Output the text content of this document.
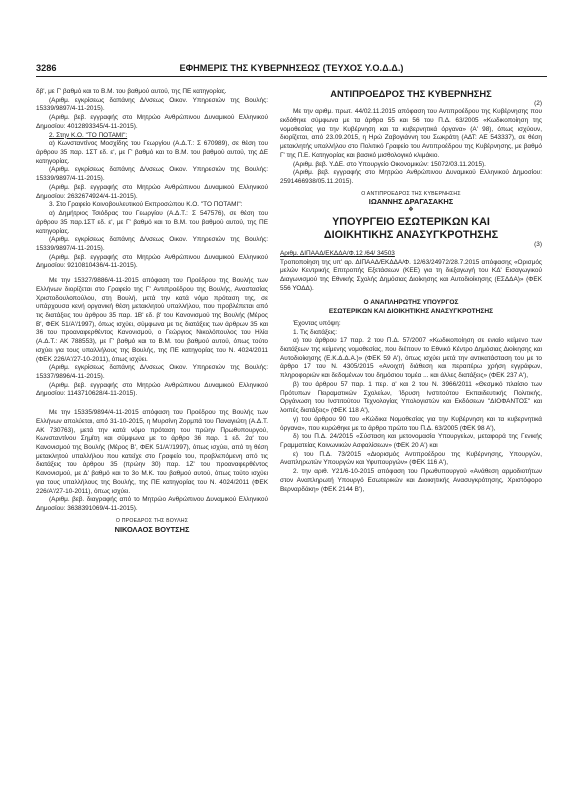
3286	ΕΦΗΜΕΡΙΣ ΤΗΣ ΚΥΒΕΡΝΗΣΕΩΣ (ΤΕΥΧΟΣ Υ.Ο.Δ.Δ.)

δβ', με Γ' βαθμό και το Β.Μ. του βαθμού αυτού, της ΠΕ κατηγορίας.

(Αριθμ. εγκρίσεως δαπάνης Δ/νσεως Οικον. Υπηρεσιών της Βουλής: 15339/9897/4-11-2015).

(Αριθμ. βεβ. εγγραφής στο Μητρώο Ανθρώπινου Δυναμικού Ελληνικού Δημοσίου: 4012893345/4-11-2015).

2. Στην Κ.Ο. "ΤΟ ΠΟΤΑΜΙ":

α) Κωνσταντίνος Μοσχίδης του Γεωργίου (Α.Δ.Τ.: Σ 670989), σε θέση του άρθρου 35 παρ. 1ΣΤ εδ. ε', με Γ' βαθμό και το Β.Μ. του βαθμού αυτού, της ΔΕ κατηγορίας.

(Αριθμ. εγκρίσεως δαπάνης Δ/νσεως Οικον. Υπηρεσιών της Βουλής: 15339/9897/4-11-2015).

(Αριθμ. βεβ. εγγραφής στο Μητρώο Ανθρώπινου Δυναμικού Ελληνικού Δημοσίου: 2632674924/4-11-2015).

3. Στο Γραφείο Κοινοβουλευτικού Εκπροσώπου Κ.Ο. "ΤΟ ΠΟΤΑΜΙ":

α) Δημήτριος Τσιόδρας του Γεωργίου (Α.Δ.Τ.: Σ 547576), σε θέση του άρθρου 35 παρ.1ΣΤ εδ. ε', με Γ' βαθμό και το Β.Μ. του βαθμού αυτού, της ΠΕ κατηγορίας.

(Αριθμ. εγκρίσεως δαπάνης Δ/νσεως Οικον. Υπηρεσιών της Βουλής: 15339/9897/4-11-2015).

(Αριθμ. βεβ. εγγραφής στο Μητρώο Ανθρώπινου Δυναμικού Ελληνικού Δημοσίου: 9210810436/4-11-2015).

Με την 15327/9886/4-11-2015 απόφαση του Προέδρου της Βουλής των Ελλήνων διορίζεται στο Γραφείο της Γ' Αντιπροέδρου της Βουλής, Αναστασίας Χριστοδουλοπούλου, στη Βουλή, μετά την κατά νόμο πρόταση της, σε υπάρχουσα κενή οργανική θέση μετακλητού υπαλλήλου, που προβλέπεται από τις διατάξεις του άρθρου 35 παρ. 1Β' εδ. β' του Κανονισμού της Βουλής (Μέρος Β', ΦΕΚ 51/Α'/1997), όπως ισχύει, σύμφωνα με τις διατάξεις των άρθρων 35 και 36 του προαναφερθέντος Κανονισμού, ο Γεώργιος Νικολόπουλος του Ηλία (Α.Δ.Τ.: ΑΚ 788553), με Γ' βαθμό και το Β.Μ. του βαθμού αυτού, όπως τούτο ισχύει για τους υπαλλήλους της Βουλής, της ΠΕ κατηγορίας του Ν. 4024/2011 (ΦΕΚ 226/Α'/27-10-2011), όπως ισχύει.

(Αριθμ. εγκρίσεως δαπάνης Δ/νσεως Οικον. Υπηρεσιών της Βουλής: 15337/9896/4-11-2015).

(Αριθμ. βεβ. εγγραφής στο Μητρώο Ανθρώπινου Δυναμικού Ελληνικού Δημοσίου: 1143710628/4-11-2015).

Με την 15335/9894/4-11-2015 απόφαση του Προέδρου της Βουλής των Ελλήνων απολύεται, από 31-10-2015, η Μυρσίνη Ζορμπά του Παναγιώτη (Α.Δ.Τ. ΑΚ 730763), μετά την κατά νόμο πρόταση του πρώην Πρωθυπουργού, Κωνσταντίνου Σημίτη και σύμφωνα με το άρθρο 36 παρ. 1 εδ. 2α' του Κανονισμού της Βουλής (Μέρος Β', ΦΕΚ 51/Α'/1997), όπως ισχύει, από τη θέση μετακλητού υπαλλήλου που κατείχε στο Γραφείο του, προβλεπόμενη από τις διατάξεις του άρθρου 35 (πρώην 30) παρ. 1Ζ' του προαναφερθέντος Κανονισμού, με Δ' βαθμό και το 3ο Μ.Κ. του βαθμού αυτού, όπως τούτο ισχύει για τους υπαλλήλους της Βουλής, της ΠΕ κατηγορίας του Ν. 4024/2011 (ΦΕΚ 226/Α'/27-10-2011), όπως ισχύει.

(Αριθμ. βεβ. διαγραφής από το Μητρώο Ανθρώπινου Δυναμικού Ελληνικού Δημοσίου: 3638391069/4-11-2015).

Ο ΠΡΟΕΔΡΟΣ ΤΗΣ ΒΟΥΛΗΣ

ΝΙΚΟΛΑΟΣ ΒΟΥΤΣΗΣ

ΑΝΤΙΠΡΟΕΔΡΟΣ ΤΗΣ ΚΥΒΕΡΝΗΣΗΣ

(2)

Με την αριθμ. πρωτ. 44/02.11.2015 απόφαση του Αντιπροέδρου της Κυβέρνησης που εκδόθηκε σύμφωνα με τα άρθρα 55 και 56 του Π.Δ. 63/2005 «Κωδικοποίηση της νομοθεσίας για την Κυβέρνηση και τα κυβερνητικά όργανα» (Α' 98), όπως ισχύουν, διορίζεται, από 23.09.2015, η Ηρώ Ζαβογιάννη του Σωκράτη (ΑΔΤ: ΑΕ 543337), σε θέση μετακλητής υπαλλήλου στο Πολιτικό Γραφείο του Αντιπροέδρου της Κυβέρνησης, με βαθμό Γ' της Π.Ε. Κατηγορίας και βασικό μισθολογικό κλιμάκιο.

(Αριθμ. βεβ. Υ.ΔΕ. στο Υπουργείο Οικονομικών: 15072/03.11.2015).

(Αριθμ. βεβ. εγγραφής στο Μητρώο Ανθρώπινου Δυναμικού Ελληνικού Δημοσίου: 2591466938/05.11.2015).

Ο ΑΝΤΙΠΡΟΕΔΡΟΣ ΤΗΣ ΚΥΒΕΡΝΗΣΗΣ

ΙΩΑΝΝΗΣ ΔΡΑΓΑΣΑΚΗΣ

❖

ΥΠΟΥΡΓΕΙΟ ΕΣΩΤΕΡΙΚΩΝ ΚΑΙ

ΔΙΟΙΚΗΤΙΚΗΣ ΑΝΑΣΥΓΚΡΟΤΗΣΗΣ

(3)

Αριθμ. ΔΙΠΑΑΔ/ΕΚΔΔΑ/Φ.12 /64/ 34503

Τροποποίηση της υπ' αρ. ΔΙΠΑΑΔ/ΕΚΔΔΑ/Φ. 12/63/24972/28.7.2015 απόφασης «Ορισμός μελών Κεντρικής Επιτροπής Εξετάσεων (ΚΕΕ) για τη διεξαγωγή του ΚΔ' Εισαγωγικού Διαγωνισμού της Εθνικής Σχολής Δημόσιας Διοίκησης και Αυτοδιοίκησης (ΕΣΔΔΑ)» (ΦΕΚ 556 ΥΟΔΔ).

Ο ΑΝΑΠΛΗΡΩΤΗΣ ΥΠΟΥΡΓΟΣ

ΕΣΩΤΕΡΙΚΩΝ ΚΑΙ ΔΙΟΙΚΗΤΙΚΗΣ ΑΝΑΣΥΓΚΡΟΤΗΣΗΣ

Έχοντας υπόψη:

1. Τις διατάξεις:

α) του άρθρου 17 παρ. 2 του Π.Δ. 57/2007 «Κωδικοποίηση σε ενιαίο κείμενο των διατάξεων της κείμενης νομοθεσίας, που διέπουν το Εθνικό Κέντρο Δημόσιας Διοίκησης και Αυτοδιοίκησης (Ε.Κ.Δ.Δ.Α.)» (ΦΕΚ 59 Α'), όπως ισχύει μετά την αντικατάσταση του με το άρθρο 17 του Ν. 4305/2015 «Ανοιχτή διάθεση και περαιτέρω χρήση εγγράφων, πληροφοριών και δεδομένων του δημόσιου τομέα ... και άλλες διατάξεις» (ΦΕΚ 237 Α'),

β) του άρθρου 57 παρ. 1 περ. α' και 2 του Ν. 3966/2011 «Θεσμικό πλαίσιο των Πρότυπων Πειραματικών Σχολείων, Ίδρυση Ινστιτούτου Εκπαιδευτικής Πολιτικής, Οργάνωση του Ινστιτούτου Τεχνολογίας Υπολογιστών και Εκδόσεων "ΔΙΟΦΑΝΤΟΣ" και λοιπές διατάξεις» (ΦΕΚ 118 Α'),

γ) του άρθρου 90 του «Κώδικα Νομοθεσίας για την Κυβέρνηση και τα κυβερνητικά όργανα», που κυρώθηκε με το άρθρο πρώτο του Π.Δ. 63/2005 (ΦΕΚ 98 Α'),

δ) του Π.Δ. 24/2015 «Σύσταση και μετονομασία Υπουργείων, μεταφορά της Γενικής Γραμματείας Κοινωνικών Ασφαλίσεων» (ΦΕΚ 20 Α') και

ε) του Π.Δ. 73/2015 «Διορισμός Αντιπροέδρου της Κυβέρνησης, Υπουργών, Αναπληρωτών Υπουργών και Υφυπουργών» (ΦΕΚ 116 Α'),

2. την αριθ. Υ21/6-10-2015 απόφαση του Πρωθυπουργού «Ανάθεση αρμοδιοτήτων στον Αναπληρωτή Υπουργό Εσωτερικών και Διοικητικής Ανασυγκρότησης, Χριστόφορο Βερναρδάκη» (ΦΕΚ 2144 Β'),
